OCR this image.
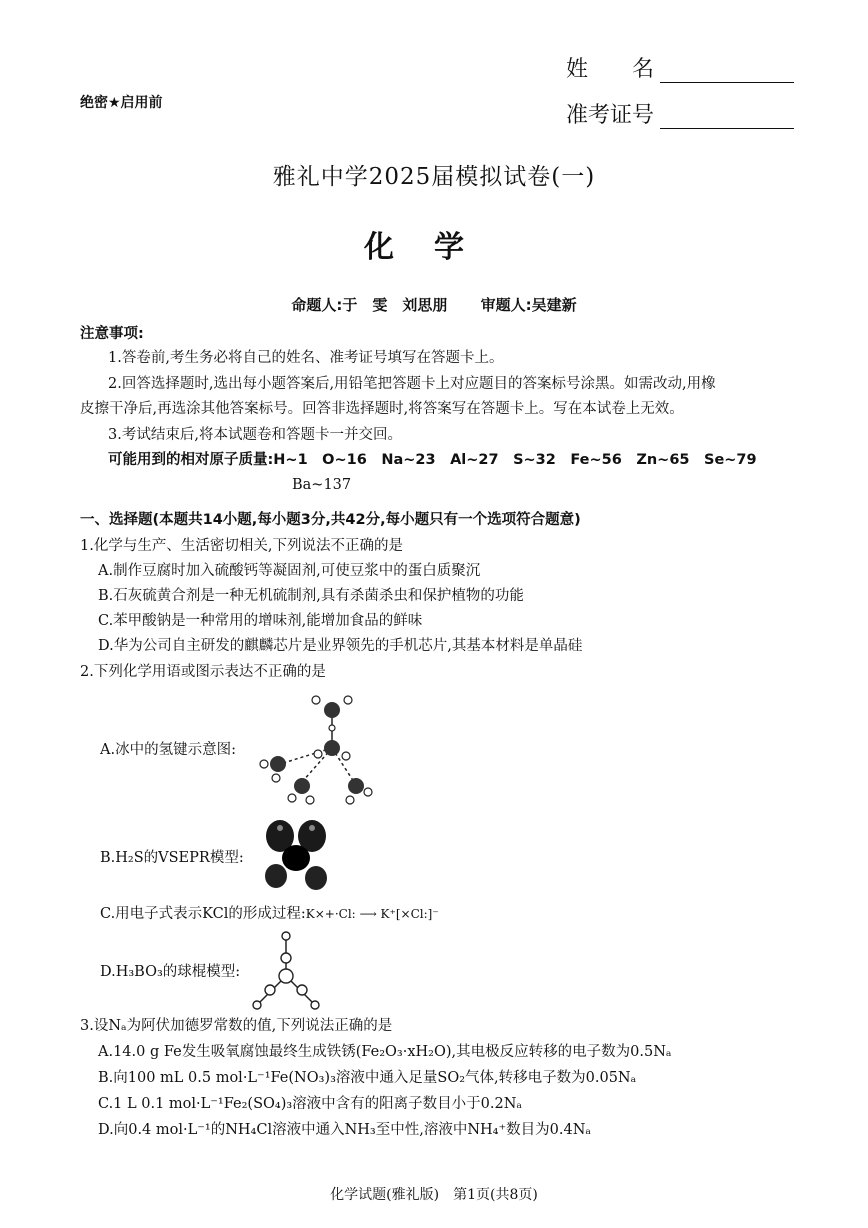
绝密★启用前
姓　　名
准考证号
雅礼中学2025届模拟试卷(一)
化学
命题人:于　雯　刘思朋 审题人:吴建新
注意事项:
1.答卷前,考生务必将自己的姓名、准考证号填写在答题卡上。
2.回答选择题时,选出每小题答案后,用铅笔把答题卡上对应题目的答案标号涂黑。如需改动,用橡
皮擦干净后,再选涂其他答案标号。回答非选择题时,将答案写在答题卡上。写在本试卷上无效。
3.考试结束后,将本试题卷和答题卡一并交回。
可能用到的相对原子质量:H~1　O~16　Na~23　Al~27　S~32　Fe~56　Zn~65　Se~79
Ba~137
一、选择题(本题共14小题,每小题3分,共42分,每小题只有一个选项符合题意)
1.化学与生产、生活密切相关,下列说法不正确的是
A.制作豆腐时加入硫酸钙等凝固剂,可使豆浆中的蛋白质聚沉
B.石灰硫黄合剂是一种无机硫制剂,具有杀菌杀虫和保护植物的功能
C.苯甲酸钠是一种常用的增味剂,能增加食品的鲜味
D.华为公司自主研发的麒麟芯片是业界领先的手机芯片,其基本材料是单晶硅
2.下列化学用语或图示表达不正确的是
A.冰中的氢键示意图:
B.H₂S的VSEPR模型:
C.用电子式表示KCl的形成过程:K×+·Cl: ⟶ K⁺[×Cl:]⁻
D.H₃BO₃的球棍模型:
3.设Nₐ为阿伏加德罗常数的值,下列说法正确的是
A.14.0 g Fe发生吸氧腐蚀最终生成铁锈(Fe₂O₃·xH₂O),其电极反应转移的电子数为0.5Nₐ
B.向100 mL 0.5 mol·L⁻¹Fe(NO₃)₃溶液中通入足量SO₂气体,转移电子数为0.05Nₐ
C.1 L 0.1 mol·L⁻¹Fe₂(SO₄)₃溶液中含有的阳离子数目小于0.2Nₐ
D.向0.4 mol·L⁻¹的NH₄Cl溶液中通入NH₃至中性,溶液中NH₄⁺数目为0.4Nₐ
化学试题(雅礼版)　第1页(共8页)
